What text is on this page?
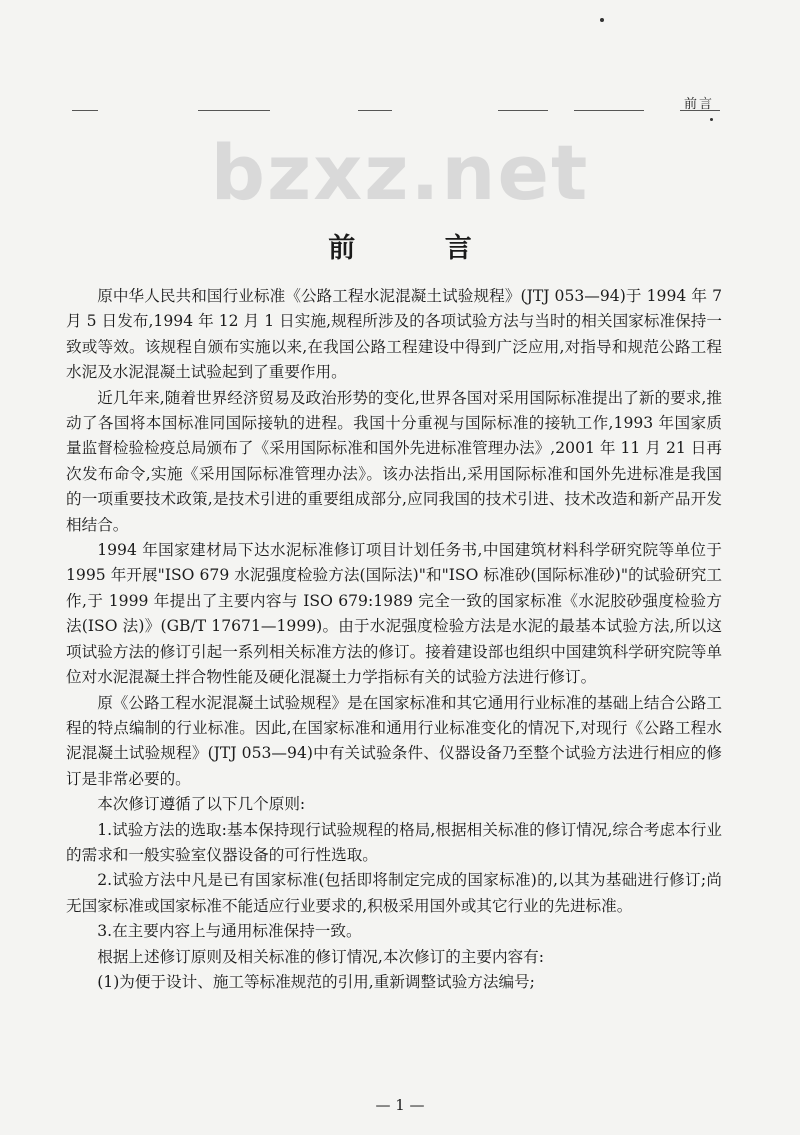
前言
bzxz.net
前 言

原中华人民共和国行业标准《公路工程水泥混凝土试验规程》(JTJ 053—94)于 1994 年 7 月 5 日发布,1994 年 12 月 1 日实施,规程所涉及的各项试验方法与当时的相关国家标准保持一致或等效。该规程自颁布实施以来,在我国公路工程建设中得到广泛应用,对指导和规范公路工程水泥及水泥混凝土试验起到了重要作用。

近几年来,随着世界经济贸易及政治形势的变化,世界各国对采用国际标准提出了新的要求,推动了各国将本国标准同国际接轨的进程。我国十分重视与国际标准的接轨工作,1993 年国家质量监督检验检疫总局颁布了《采用国际标准和国外先进标准管理办法》,2001 年 11 月 21 日再次发布命令,实施《采用国际标准管理办法》。该办法指出,采用国际标准和国外先进标准是我国的一项重要技术政策,是技术引进的重要组成部分,应同我国的技术引进、技术改造和新产品开发相结合。

1994 年国家建材局下达水泥标准修订项目计划任务书,中国建筑材料科学研究院等单位于 1995 年开展"ISO 679 水泥强度检验方法(国际法)"和"ISO 标准砂(国际标准砂)"的试验研究工作,于 1999 年提出了主要内容与 ISO 679:1989 完全一致的国家标准《水泥胶砂强度检验方法(ISO 法)》(GB/T 17671—1999)。由于水泥强度检验方法是水泥的最基本试验方法,所以这项试验方法的修订引起一系列相关标准方法的修订。接着建设部也组织中国建筑科学研究院等单位对水泥混凝土拌合物性能及硬化混凝土力学指标有关的试验方法进行修订。

原《公路工程水泥混凝土试验规程》是在国家标准和其它通用行业标准的基础上结合公路工程的特点编制的行业标准。因此,在国家标准和通用行业标准变化的情况下,对现行《公路工程水泥混凝土试验规程》(JTJ 053—94)中有关试验条件、仪器设备乃至整个试验方法进行相应的修订是非常必要的。

本次修订遵循了以下几个原则:

1.试验方法的选取:基本保持现行试验规程的格局,根据相关标准的修订情况,综合考虑本行业的需求和一般实验室仪器设备的可行性选取。

2.试验方法中凡是已有国家标准(包括即将制定完成的国家标准)的,以其为基础进行修订;尚无国家标准或国家标准不能适应行业要求的,积极采用国外或其它行业的先进标准。

3.在主要内容上与通用标准保持一致。

根据上述修订原则及相关标准的修订情况,本次修订的主要内容有:

(1)为便于设计、施工等标准规范的引用,重新调整试验方法编号;

— 1 —
